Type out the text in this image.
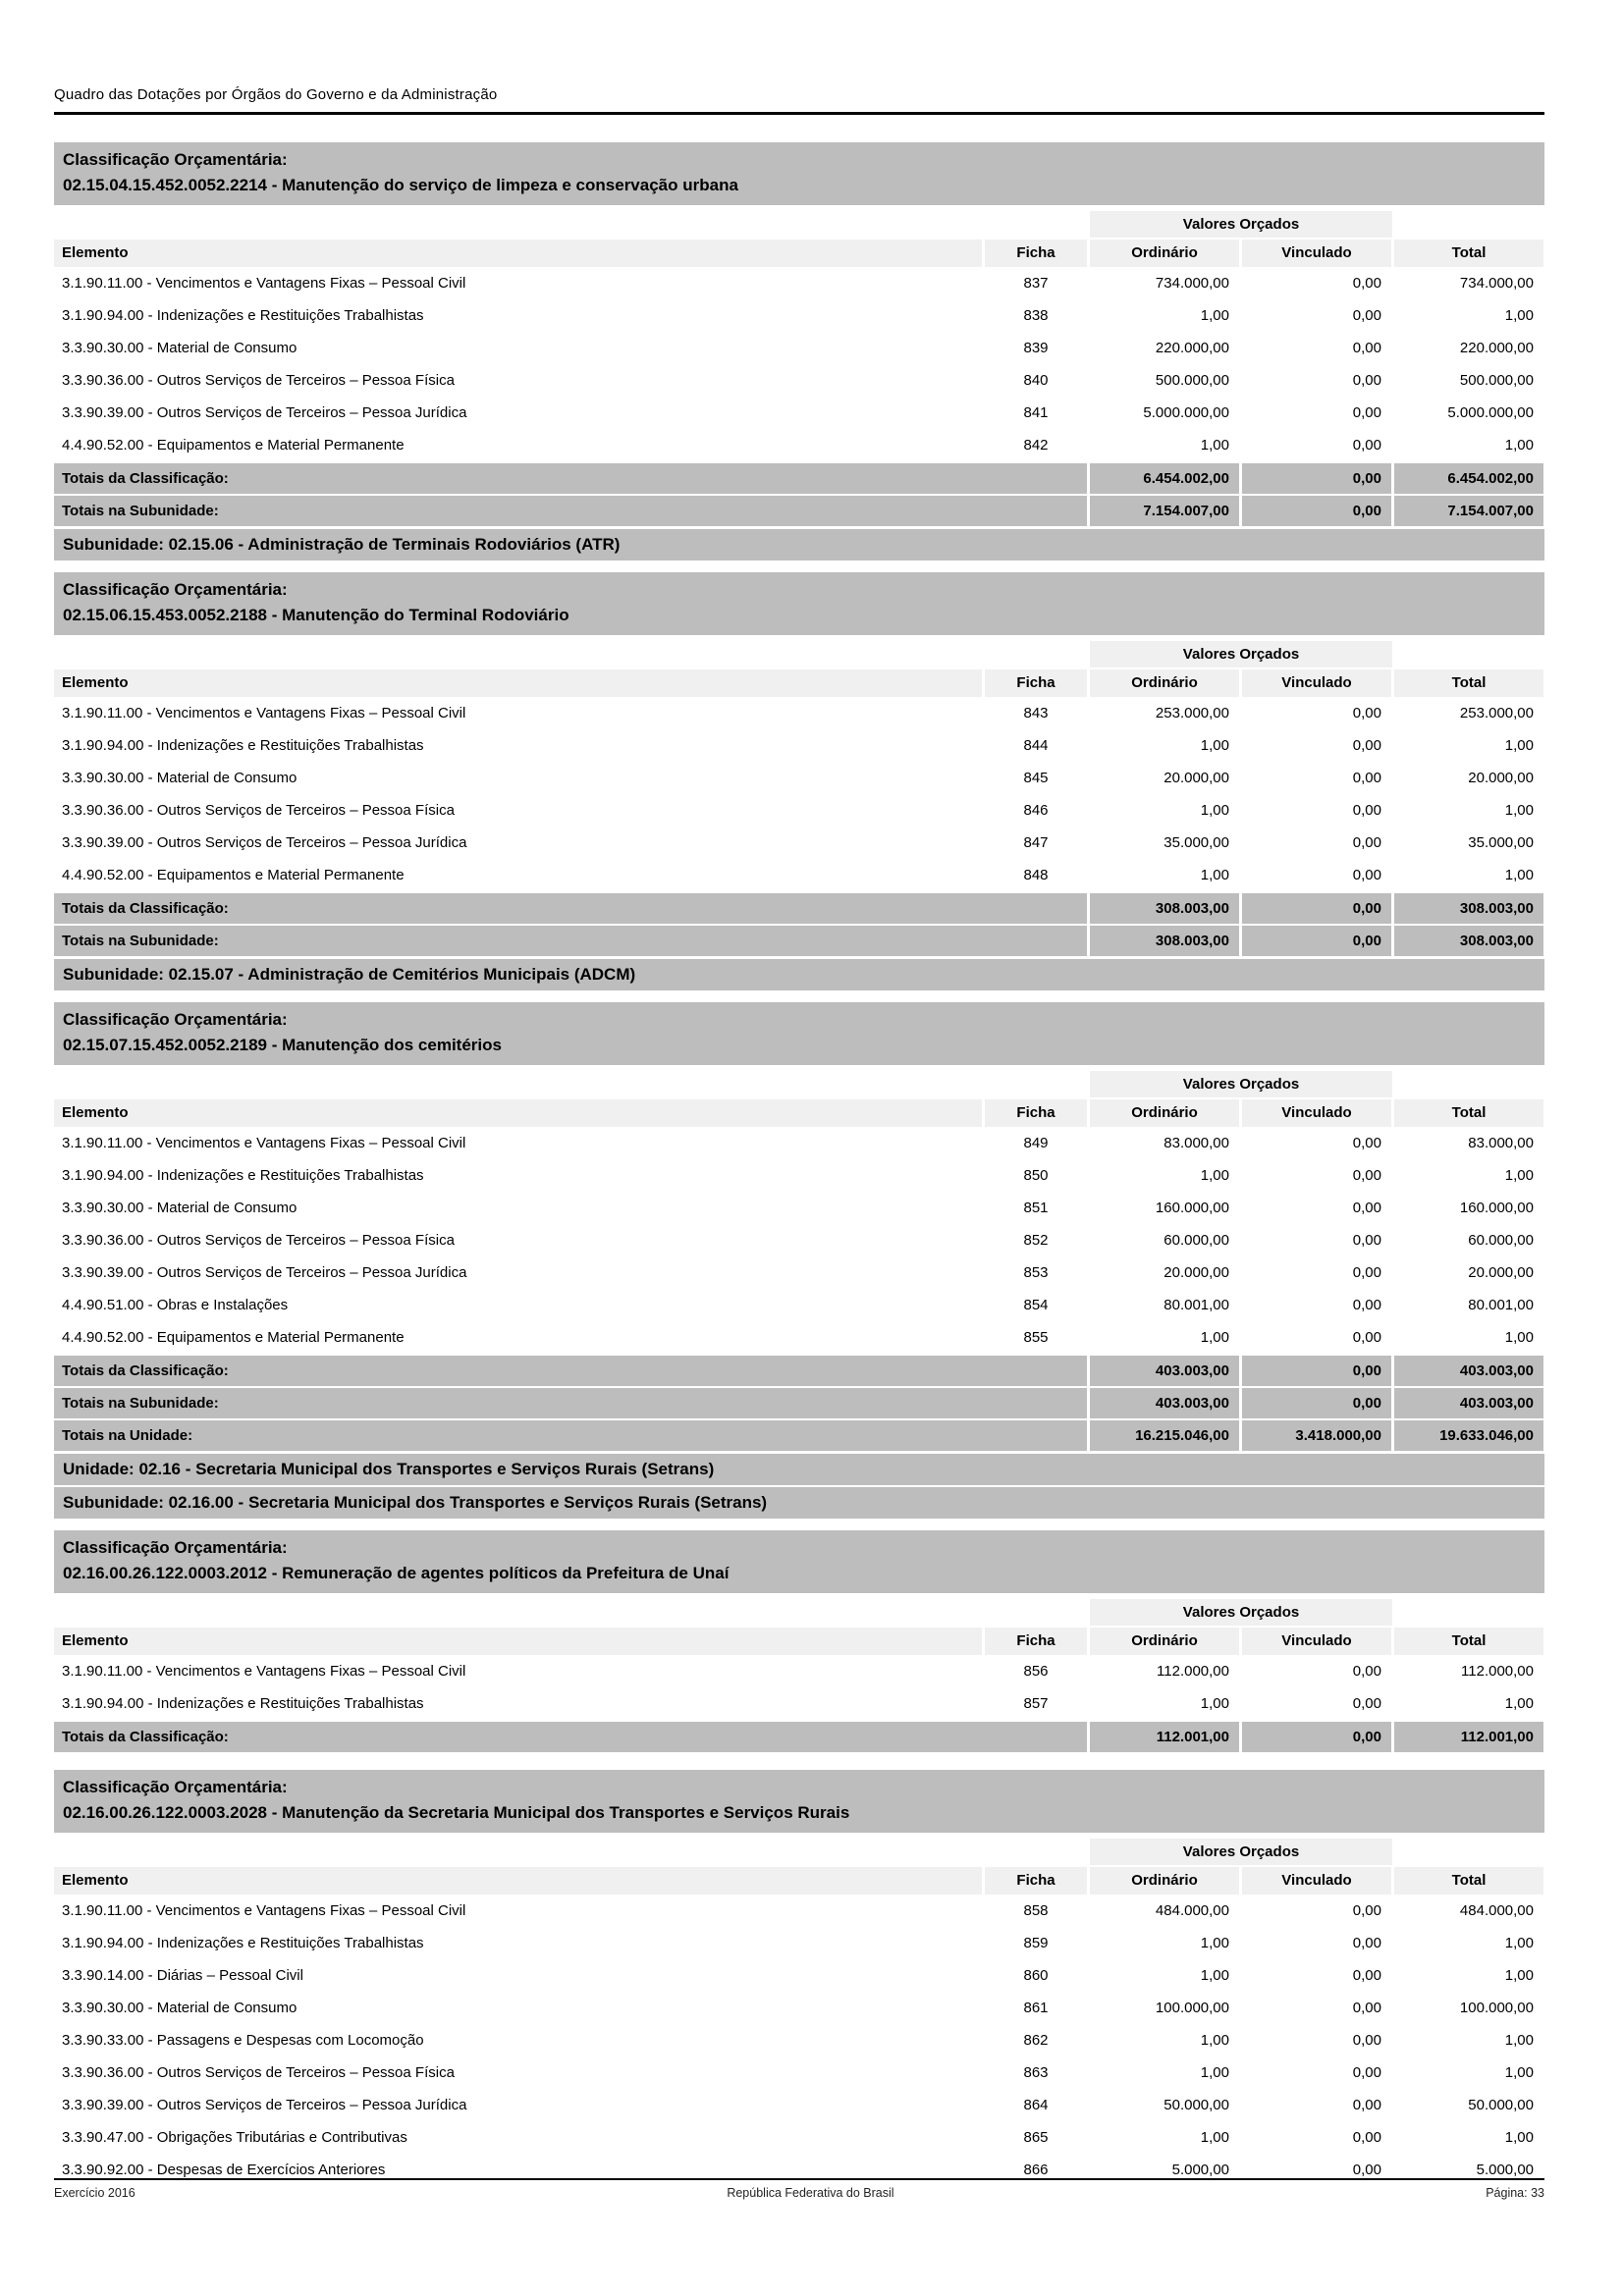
Quadro das Dotações por Órgãos do Governo e da Administração
Classificação Orçamentária:
02.15.04.15.452.0052.2214 - Manutenção do serviço de limpeza e conservação urbana
Valores Orçados
Elemento	Ficha	Ordinário	Vinculado	Total
3.1.90.11.00 - Vencimentos e Vantagens Fixas – Pessoal Civil	837	734.000,00	0,00	734.000,00
3.1.90.94.00 - Indenizações e Restituições Trabalhistas	838	1,00	0,00	1,00
3.3.90.30.00 - Material de Consumo	839	220.000,00	0,00	220.000,00
3.3.90.36.00 - Outros Serviços de Terceiros – Pessoa Física	840	500.000,00	0,00	500.000,00
3.3.90.39.00 - Outros Serviços de Terceiros – Pessoa Jurídica	841	5.000.000,00	0,00	5.000.000,00
4.4.90.52.00 - Equipamentos e Material Permanente	842	1,00	0,00	1,00
Totais da Classificação:	6.454.002,00	0,00	6.454.002,00
Totais na Subunidade:	7.154.007,00	0,00	7.154.007,00
Subunidade: 02.15.06 - Administração de Terminais Rodoviários (ATR)
Classificação Orçamentária:
02.15.06.15.453.0052.2188 - Manutenção do Terminal Rodoviário
Valores Orçados
Elemento	Ficha	Ordinário	Vinculado	Total
3.1.90.11.00 - Vencimentos e Vantagens Fixas – Pessoal Civil	843	253.000,00	0,00	253.000,00
3.1.90.94.00 - Indenizações e Restituições Trabalhistas	844	1,00	0,00	1,00
3.3.90.30.00 - Material de Consumo	845	20.000,00	0,00	20.000,00
3.3.90.36.00 - Outros Serviços de Terceiros – Pessoa Física	846	1,00	0,00	1,00
3.3.90.39.00 - Outros Serviços de Terceiros – Pessoa Jurídica	847	35.000,00	0,00	35.000,00
4.4.90.52.00 - Equipamentos e Material Permanente	848	1,00	0,00	1,00
Totais da Classificação:	308.003,00	0,00	308.003,00
Totais na Subunidade:	308.003,00	0,00	308.003,00
Subunidade: 02.15.07 - Administração de Cemitérios Municipais (ADCM)
Classificação Orçamentária:
02.15.07.15.452.0052.2189 - Manutenção dos cemitérios
Valores Orçados
Elemento	Ficha	Ordinário	Vinculado	Total
3.1.90.11.00 - Vencimentos e Vantagens Fixas – Pessoal Civil	849	83.000,00	0,00	83.000,00
3.1.90.94.00 - Indenizações e Restituições Trabalhistas	850	1,00	0,00	1,00
3.3.90.30.00 - Material de Consumo	851	160.000,00	0,00	160.000,00
3.3.90.36.00 - Outros Serviços de Terceiros – Pessoa Física	852	60.000,00	0,00	60.000,00
3.3.90.39.00 - Outros Serviços de Terceiros – Pessoa Jurídica	853	20.000,00	0,00	20.000,00
4.4.90.51.00 - Obras e Instalações	854	80.001,00	0,00	80.001,00
4.4.90.52.00 - Equipamentos e Material Permanente	855	1,00	0,00	1,00
Totais da Classificação:	403.003,00	0,00	403.003,00
Totais na Subunidade:	403.003,00	0,00	403.003,00
Totais na Unidade:	16.215.046,00	3.418.000,00	19.633.046,00
Unidade: 02.16 - Secretaria Municipal dos Transportes e Serviços Rurais (Setrans)
Subunidade: 02.16.00 - Secretaria Municipal dos Transportes e Serviços Rurais (Setrans)
Classificação Orçamentária:
02.16.00.26.122.0003.2012 - Remuneração de agentes políticos da Prefeitura de Unaí
Valores Orçados
Elemento	Ficha	Ordinário	Vinculado	Total
3.1.90.11.00 - Vencimentos e Vantagens Fixas – Pessoal Civil	856	112.000,00	0,00	112.000,00
3.1.90.94.00 - Indenizações e Restituições Trabalhistas	857	1,00	0,00	1,00
Totais da Classificação:	112.001,00	0,00	112.001,00
Classificação Orçamentária:
02.16.00.26.122.0003.2028 - Manutenção da Secretaria Municipal dos Transportes e Serviços Rurais
Valores Orçados
Elemento	Ficha	Ordinário	Vinculado	Total
3.1.90.11.00 - Vencimentos e Vantagens Fixas – Pessoal Civil	858	484.000,00	0,00	484.000,00
3.1.90.94.00 - Indenizações e Restituições Trabalhistas	859	1,00	0,00	1,00
3.3.90.14.00 - Diárias – Pessoal Civil	860	1,00	0,00	1,00
3.3.90.30.00 - Material de Consumo	861	100.000,00	0,00	100.000,00
3.3.90.33.00 - Passagens e Despesas com Locomoção	862	1,00	0,00	1,00
3.3.90.36.00 - Outros Serviços de Terceiros – Pessoa Física	863	1,00	0,00	1,00
3.3.90.39.00 - Outros Serviços de Terceiros – Pessoa Jurídica	864	50.000,00	0,00	50.000,00
3.3.90.47.00 - Obrigações Tributárias e Contributivas	865	1,00	0,00	1,00
3.3.90.92.00 - Despesas de Exercícios Anteriores	866	5.000,00	0,00	5.000,00
Exercício 2016	República Federativa do Brasil	Página: 33
